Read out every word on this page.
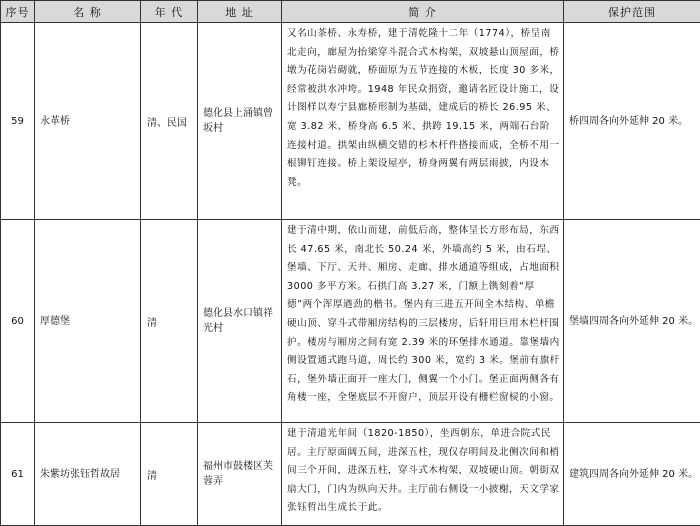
序号	名 称	年 代	地 址	简 介	保护范围
59	永革桥	清、民国	德化县上涌镇曾坂村	又名山茶桥、永寿桥，建于清乾隆十二年（1774），桥呈南北走向，廊屋为抬梁穿斗混合式木构架，双坡悬山顶屋面，桥墩为花岗岩砌就，桥面原为五节连接的木板，长度 30 多米，经常被洪水冲垮。1948 年民众捐资，邀请名匠设计施工，设计图样以寿宁县廊桥形制为基础，建成后的桥长 26.95 米、宽 3.82 米、桥身高 6.5 米、拱跨 19.15 米，两端石台阶连接村道。拱架由纵横交错的杉木杆件搭接而成，全桥不用一根铆钉连接。桥上架设屋亭，桥身两翼有两层雨披，内设木凳。	桥四周各向外延伸 20 米。
60	厚德堡	清	德化县水口镇祥光村	建于清中期，依山而建，前低后高，整体呈长方形布局，东西长 47.65 米，南北长 50.24 米，外墙高约 5 米，由石埕、堡墙、下厅、天井、厢房、走廊、排水通道等组成，占地面积 3000 多平方米。石拱门高 3.27 米，门额上镌刻着“厚德”两个浑厚遒劲的楷书。堡内有三进五开间全木结构、单檐硬山顶、穿斗式带厢房结构的三层楼房，后轩用巨用木栏杆围护。楼房与厢房之间有宽 2.39 米的环堡排水通道。靠堡墙内侧设置通式跑马道，周长约 300 米，宽约 3 米。堡前有旗杆石，堡外墙正面开一座大门，侧翼一个小门。堡正面两侧各有角楼一座，全堡底层不开窗户，顶层开设有栅栏窗棂的小窗。	堡墙四周各向外延伸 20 米。
61	朱紫坊张钰哲故居	清	福州市鼓楼区芙蓉弄	建于清道光年间（1820-1850），坐西朝东，单进合院式民居。主厅原面阔五间，进深五柱，现仅存明间及北侧次间和梢间三个开间，进深五柱，穿斗式木构架，双坡硬山顶。朝街双扇大门，门内为纵向天井。主厅前右侧设一小披榭，天文学家张钰哲出生成长于此。	建筑四周各向外延伸 20 米。
